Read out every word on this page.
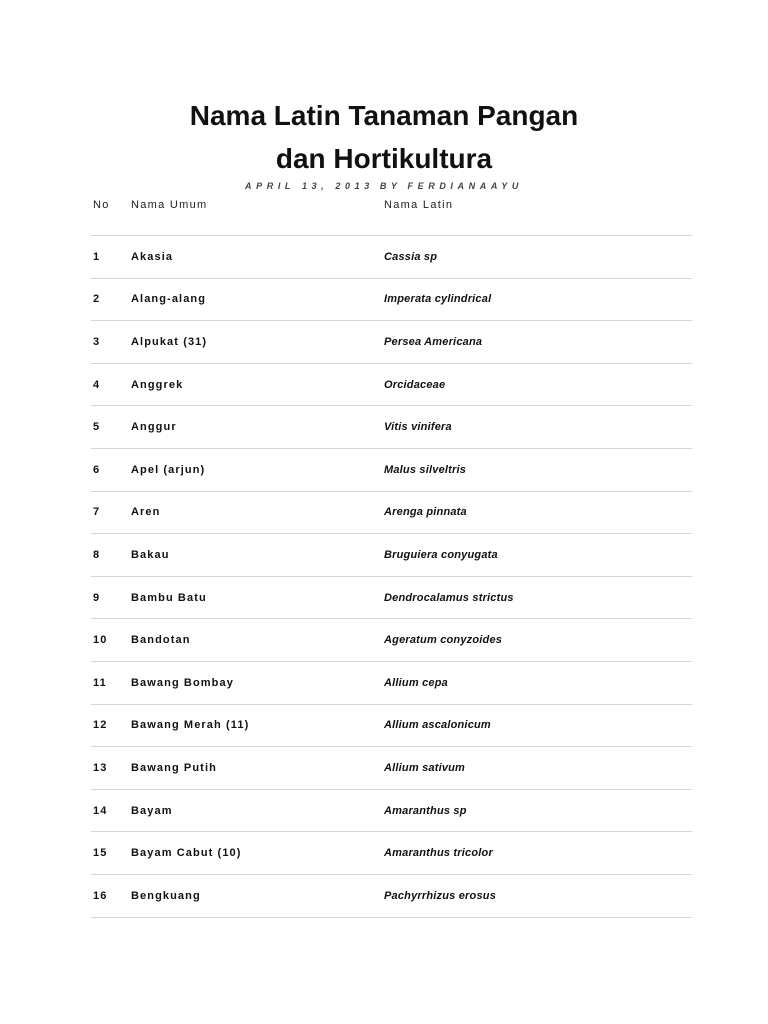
Nama Latin Tanaman Pangan
dan Hortikultura
APRIL 13, 2013 BY FERDIANAAYU
No	Nama Umum	Nama Latin
1	Akasia	Cassia sp
2	Alang-alang	Imperata cylindrical
3	Alpukat (31)	Persea Americana
4	Anggrek	Orcidaceae
5	Anggur	Vitis vinifera
6	Apel (arjun)	Malus silveltris
7	Aren	Arenga pinnata
8	Bakau	Bruguiera conyugata
9	Bambu Batu	Dendrocalamus strictus
10	Bandotan	Ageratum conyzoides
11	Bawang Bombay	Allium cepa
12	Bawang Merah (11)	Allium ascalonicum
13	Bawang Putih	Allium sativum
14	Bayam	Amaranthus sp
15	Bayam Cabut (10)	Amaranthus tricolor
16	Bengkuang	Pachyrrhizus erosus
